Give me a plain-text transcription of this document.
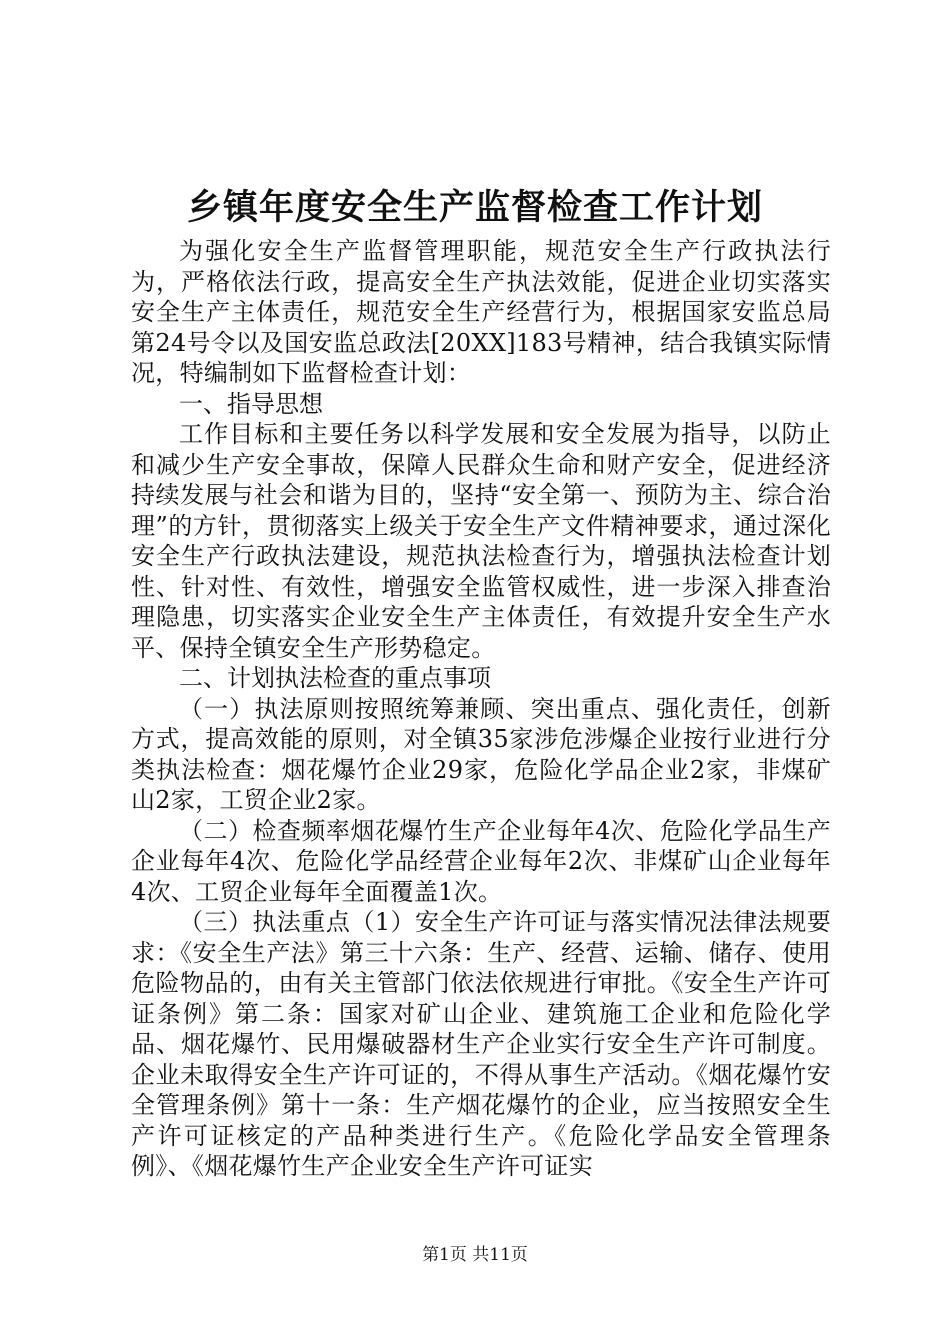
乡镇年度安全生产监督检查工作计划

为强化安全生产监督管理职能，规范安全生产行政执法行为，严格依法行政，提高安全生产执法效能，促进企业切实落实安全生产主体责任，规范安全生产经营行为，根据国家安监总局第24号令以及国安监总政法[20XX]183号精神，结合我镇实际情况，特编制如下监督检查计划：

一、指导思想

工作目标和主要任务以科学发展和安全发展为指导，以防止和减少生产安全事故，保障人民群众生命和财产安全，促进经济持续发展与社会和谐为目的，坚持“安全第一、预防为主、综合治理”的方针，贯彻落实上级关于安全生产文件精神要求，通过深化安全生产行政执法建设，规范执法检查行为，增强执法检查计划性、针对性、有效性，增强安全监管权威性，进一步深入排查治理隐患，切实落实企业安全生产主体责任，有效提升安全生产水平、保持全镇安全生产形势稳定。

二、计划执法检查的重点事项

（一）执法原则按照统筹兼顾、突出重点、强化责任，创新方式，提高效能的原则，对全镇35家涉危涉爆企业按行业进行分类执法检查：烟花爆竹企业29家，危险化学品企业2家，非煤矿山2家，工贸企业2家。

（二）检查频率烟花爆竹生产企业每年4次、危险化学品生产企业每年4次、危险化学品经营企业每年2次、非煤矿山企业每年4次、工贸企业每年全面覆盖1次。

（三）执法重点（1）安全生产许可证与落实情况法律法规要求：《安全生产法》第三十六条：生产、经营、运输、储存、使用危险物品的，由有关主管部门依法依规进行审批。《安全生产许可证条例》第二条：国家对矿山企业、建筑施工企业和危险化学品、烟花爆竹、民用爆破器材生产企业实行安全生产许可制度。企业未取得安全生产许可证的，不得从事生产活动。《烟花爆竹安全管理条例》第十一条：生产烟花爆竹的企业，应当按照安全生产许可证核定的产品种类进行生产。《危险化学品安全管理条例》、《烟花爆竹生产企业安全生产许可证实

第1页 共11页
